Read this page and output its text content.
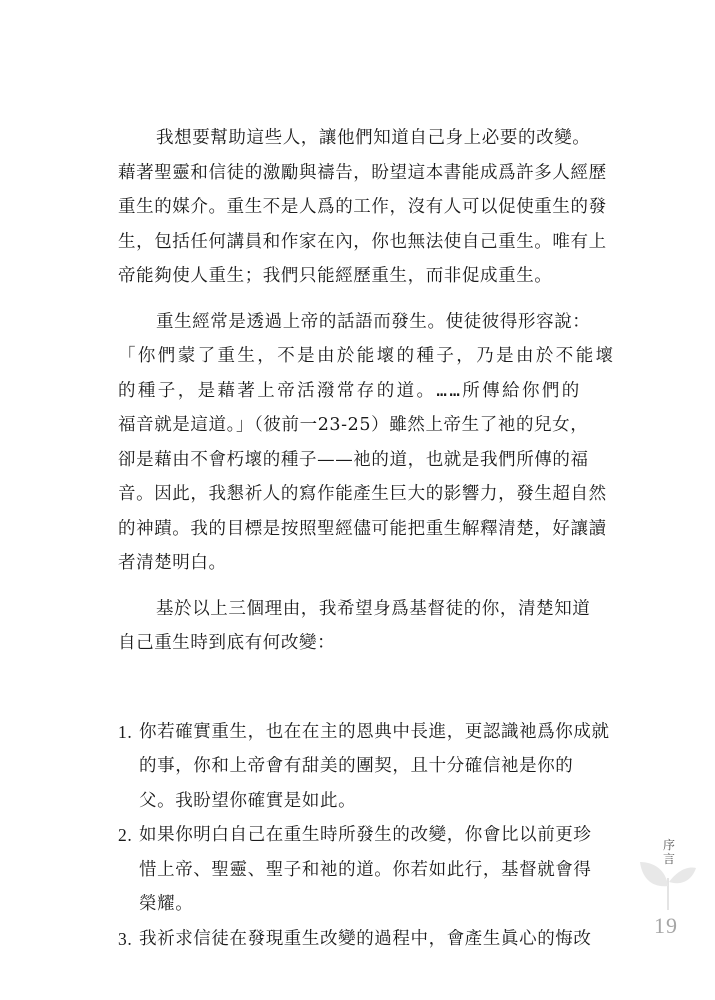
我想要幫助這些人，讓他們知道自己身上必要的改變。
藉著聖靈和信徒的激勵與禱告，盼望這本書能成爲許多人經歷
重生的媒介。重生不是人爲的工作，沒有人可以促使重生的發
生，包括任何講員和作家在內，你也無法使自己重生。唯有上
帝能夠使人重生；我們只能經歷重生，而非促成重生。
重生經常是透過上帝的話語而發生。使徒彼得形容說：
「你們蒙了重生，不是由於能壞的種子，乃是由於不能壞
的種子，是藉著上帝活潑常存的道。……所傳給你們的
福音就是這道。」（彼前一23-25）雖然上帝生了祂的兒女，
卻是藉由不會朽壞的種子——祂的道，也就是我們所傳的福
音。因此，我懇祈人的寫作能產生巨大的影響力，發生超自然
的神蹟。我的目標是按照聖經儘可能把重生解釋清楚，好讓讀
者清楚明白。
基於以上三個理由，我希望身爲基督徒的你，清楚知道
自己重生時到底有何改變：
1. 你若確實重生，也在在主的恩典中長進，更認識祂爲你成就
的事，你和上帝會有甜美的團契，且十分確信祂是你的
父。我盼望你確實是如此。
2. 如果你明白自己在重生時所發生的改變，你會比以前更珍
惜上帝、聖靈、聖子和祂的道。你若如此行，基督就會得
榮耀。
3. 我祈求信徒在發現重生改變的過程中，會產生眞心的悔改
序
言
19
